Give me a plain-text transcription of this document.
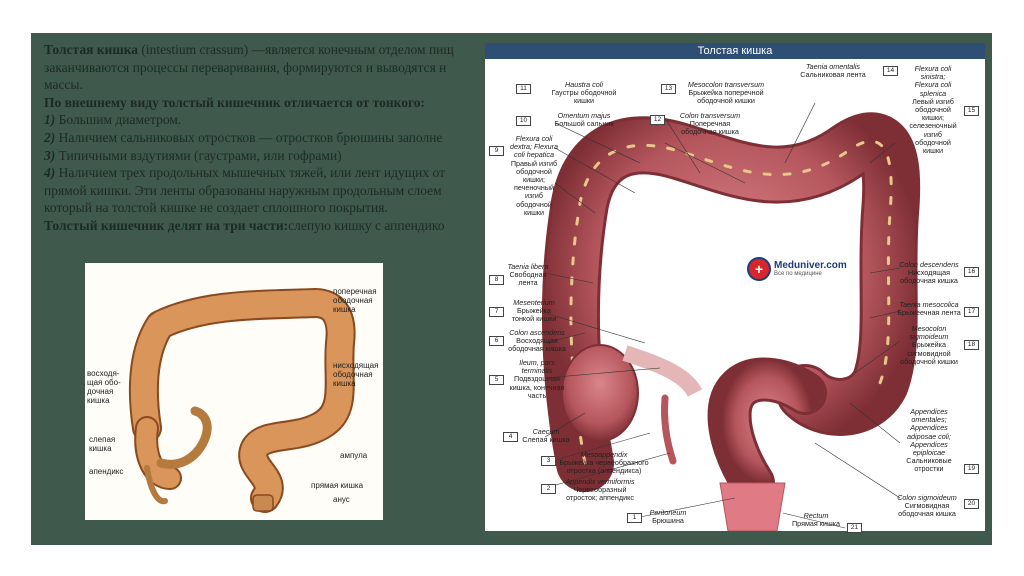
Толстая кишка (intestium crassum) —является конечным отделом пищ

заканчиваются процессы переваривания, формируются и выводятся н

массы.

По внешнему виду толстый кишечник отличается от тонкого:

1) Большим диаметром.

2) Наличием сальниковых отростков — отростков брюшины заполне

3) Типичными вздутиями (гаустрами, или гофрами)

4) Наличием трех продольных мышечных тяжей, или лент идущих от

прямой кишки. Эти ленты образованы наружным продольным слоем

который на толстой кишке не создает сплошного покрытия.

Толстый кишечник делят на три части:слепую кишку с аппендико

поперечная
ободочная
кишка
нисходящая
ободочная
кишка
восходя-
щая обо-
дочная
кишка
слепая
кишка
апендикс
ампула
прямая кишка
анус
Толстая кишка
+	Meduniver.com
Все по медицине
11	Haustra coli
Гаустры ободочной
кишки
10
Omentum majus
Большой сальник
9
Flexura coli
dextra; Flexura
coli hepatica
Правый изгиб
ободочной
кишки;
печеночный
изгиб
ободочной
кишки
13	Mesocolon transversum
Брыжейка поперечной
ободочной кишки
12	Colon transversum
Поперечная
ободочная кишка
14
Taenia omentalis
Сальниковая лента
15
Flexura coli
sinistra;
Flexura coli
splenica
Левый изгиб
ободочной
кишки;
селезеночный
изгиб
ободочной
кишки
8
Taenia libera
Свободная
лента
7
Mesenterium
Брыжейка
тонкой кишки
6
Colon ascendens
Восходящая
ободочная кишка
5
Ileum, pars
terminalis
Подвздошная
кишка, конечная
часть
4
Caecum
Слепая кишка
3
Mesoappendix
Брыжейка червеобразного
отростка (аппендикса)
2
Appendix vermiformis
Червеобразный
отросток; аппендикс
1
Peritoneum
Брюшина
16
Colon descendens
Нисходящая
ободочная кишка
17
Taenia mesocolica
Брыжеечная лента
18
Mesocolon
sigmoideum
Брыжейка
сигмовидной
ободочной кишки
19
Appendices
omentales;
Appendices
adiposae coli;
Appendices
epiploicae
Сальниковые
отростки
20
Colon sigmoideum
Сигмовидная
ободочная кишка
21
Rectum
Прямая кишка
